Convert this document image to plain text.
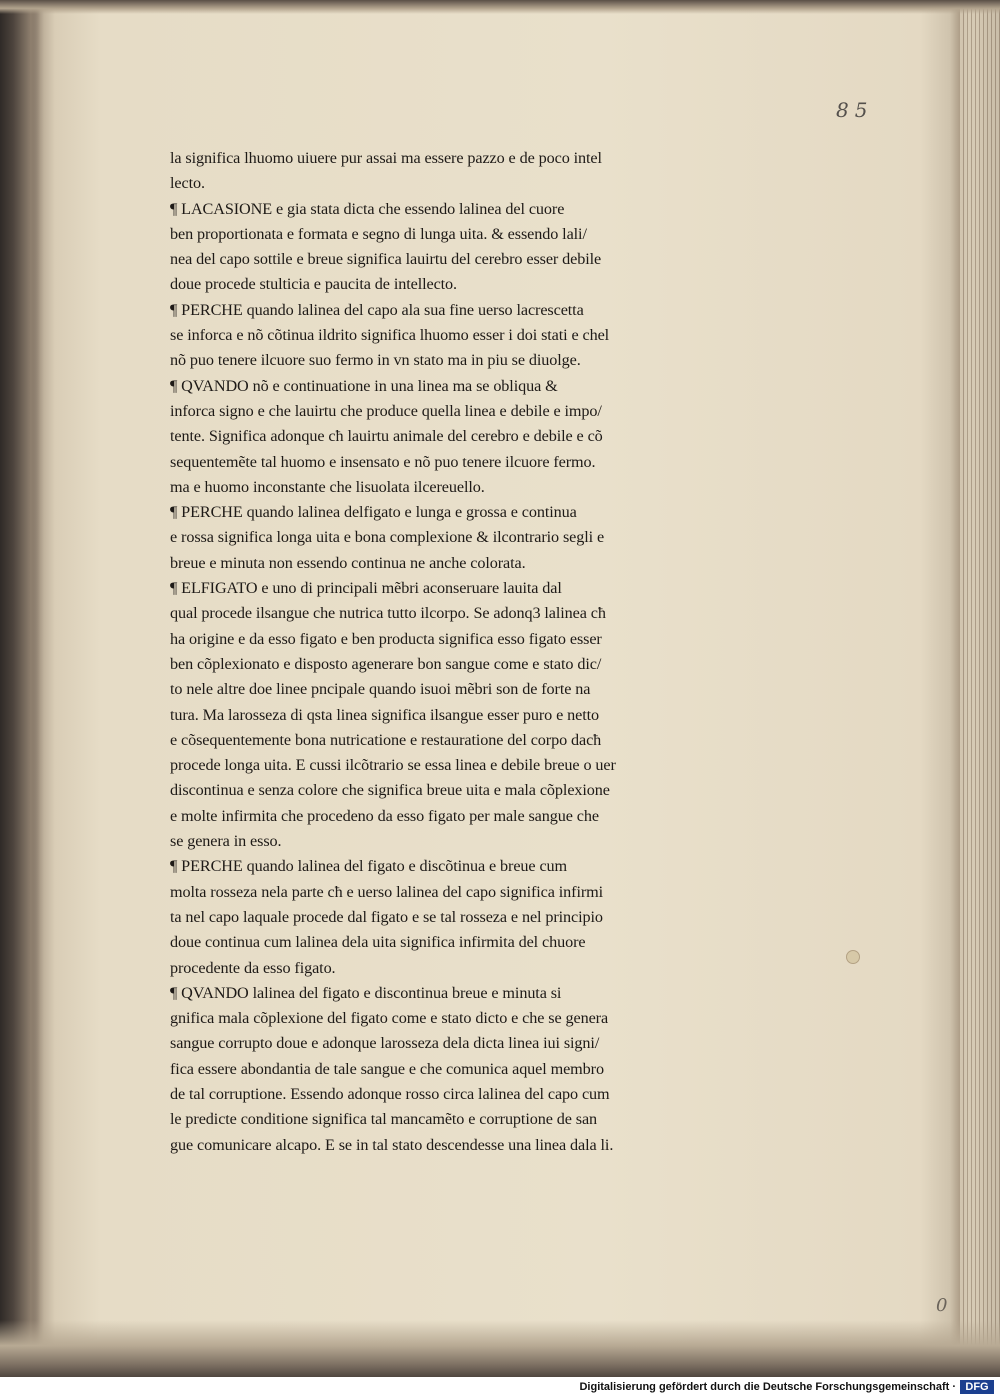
85
la significa lhuomo uiuere pur assai ma essere pazzo e de poco intel
lecto.
¶ LACASIONE e gia stata dicta che essendo lalinea del cuore
ben proportionata e formata e segno di lunga uita. & essendo lali/
nea del capo sottile e breue significa lauirtu del cerebro esser debile
doue procede stulticia e paucita de intellecto.
¶ PERCHE quando lalinea del capo ala sua fine uerso lacrescetta
se inforca e nõ cõtinua ildrito significa lhuomo esser i doi stati e chel
nõ puo tenere ilcuore suo fermo in vn stato ma in piu se diuolge.
¶ QVANDO nõ e continuatione in una linea ma se obliqua &
inforca signo e che lauirtu che produce quella linea e debile e impo/
tente. Significa adonque cħ lauirtu animale del cerebro e debile e cõ
sequentemẽte tal huomo e insensato e nõ puo tenere ilcuore fermo.
ma e huomo inconstante che lisuolata ilcereuello.
¶ PERCHE quando lalinea delfigato e lunga e grossa e continua
e rossa significa longa uita e bona complexione & ilcontrario segli e
breue e minuta non essendo continua ne anche colorata.
¶ ELFIGATO e uno di principali mẽbri aconseruare lauita dal
qual procede ilsangue che nutrica tutto ilcorpo. Se adonq3 lalinea cħ
ha origine e da esso figato e ben producta significa esso figato esser
ben cõplexionato e disposto agenerare bon sangue come e stato dic/
to nele altre doe linee pncipale quando isuoi mẽbri son de forte na
tura. Ma larosseza di qsta linea significa ilsangue esser puro e netto
e cõsequentemente bona nutricatione e restauratione del corpo dacħ
procede longa uita. E cussi ilcõtrario se essa linea e debile breue o uer
discontinua e senza colore che significa breue uita e mala cõplexione
e molte infirmita che procedeno da esso figato per male sangue che
se genera in esso.
¶ PERCHE quando lalinea del figato e discõtinua e breue cum
molta rosseza nela parte cħ e uerso lalinea del capo significa infirmi
ta nel capo laquale procede dal figato e se tal rosseza e nel principio
doue continua cum lalinea dela uita significa infirmita del chuore
procedente da esso figato.
¶ QVANDO lalinea del figato e discontinua breue e minuta si
gnifica mala cõplexione del figato come e stato dicto e che se genera
sangue corrupto doue e adonque larosseza dela dicta linea iui signi/
fica essere abondantia de tale sangue e che comunica aquel membro
de tal corruptione. Essendo adonque rosso circa lalinea del capo cum
le predicte conditione significa tal mancamẽto e corruptione de san
gue comunicare alcapo. E se in tal stato descendesse una linea dala li.
0
Digitalisierung gefördert durch die Deutsche Forschungsgemeinschaft · DFG
